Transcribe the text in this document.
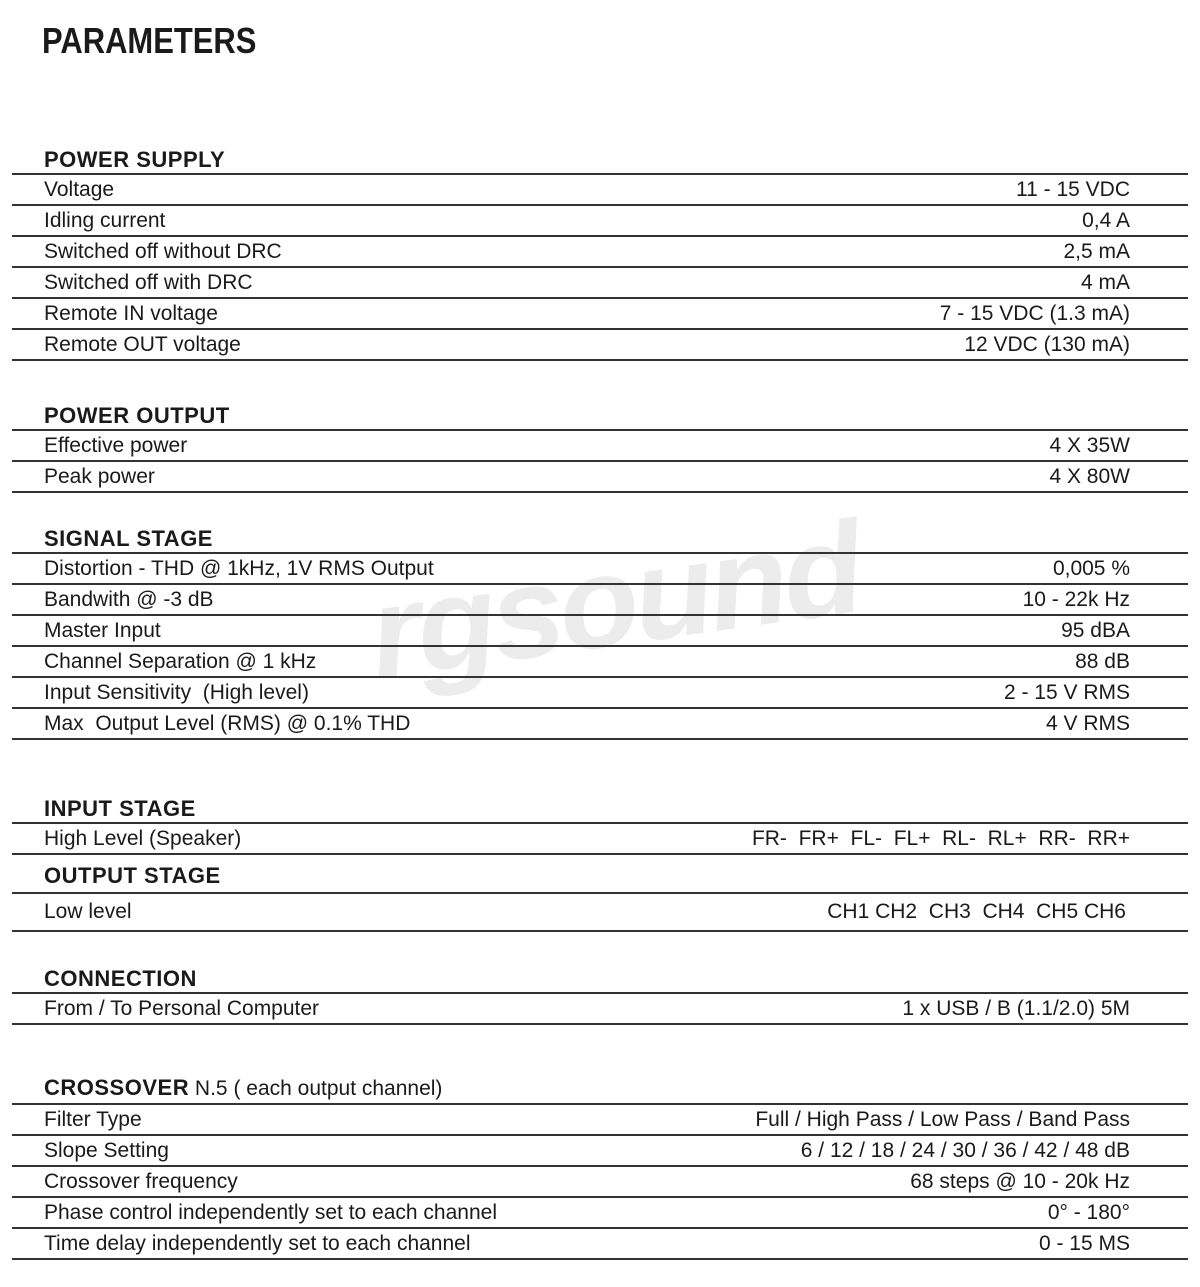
rgsound
PARAMETERS
POWER SUPPLY
Voltage	11 - 15 VDC
Idling current	0,4 A
Switched off without DRC	2,5 mA
Switched off with DRC	4 mA
Remote IN voltage	7 - 15 VDC (1.3 mA)
Remote OUT voltage	12 VDC (130 mA)
POWER OUTPUT
Effective power	4 X 35W
Peak power	4 X 80W
SIGNAL STAGE
Distortion - THD @ 1kHz, 1V RMS Output	0,005 %
Bandwith @ -3 dB	10 - 22k Hz
Master Input	95 dBA
Channel Separation @ 1 kHz	88 dB
Input Sensitivity  (High level)	2 - 15 V RMS
Max  Output Level (RMS) @ 0.1% THD	4 V RMS
INPUT STAGE
High Level (Speaker)	FR-  FR+  FL-  FL+  RL-  RL+  RR-  RR+
OUTPUT STAGE
Low level	CH1 CH2  CH3  CH4  CH5 CH6
CONNECTION
From / To Personal Computer	1 x USB / B (1.1/2.0) 5M
CROSSOVER N.5 ( each output channel)
Filter Type	Full / High Pass / Low Pass / Band Pass
Slope Setting	6 / 12 / 18 / 24 / 30 / 36 / 42 / 48 dB
Crossover frequency	68 steps @ 10 - 20k Hz
Phase control independently set to each channel	0° - 180°
Time delay independently set to each channel	0 - 15 MS
